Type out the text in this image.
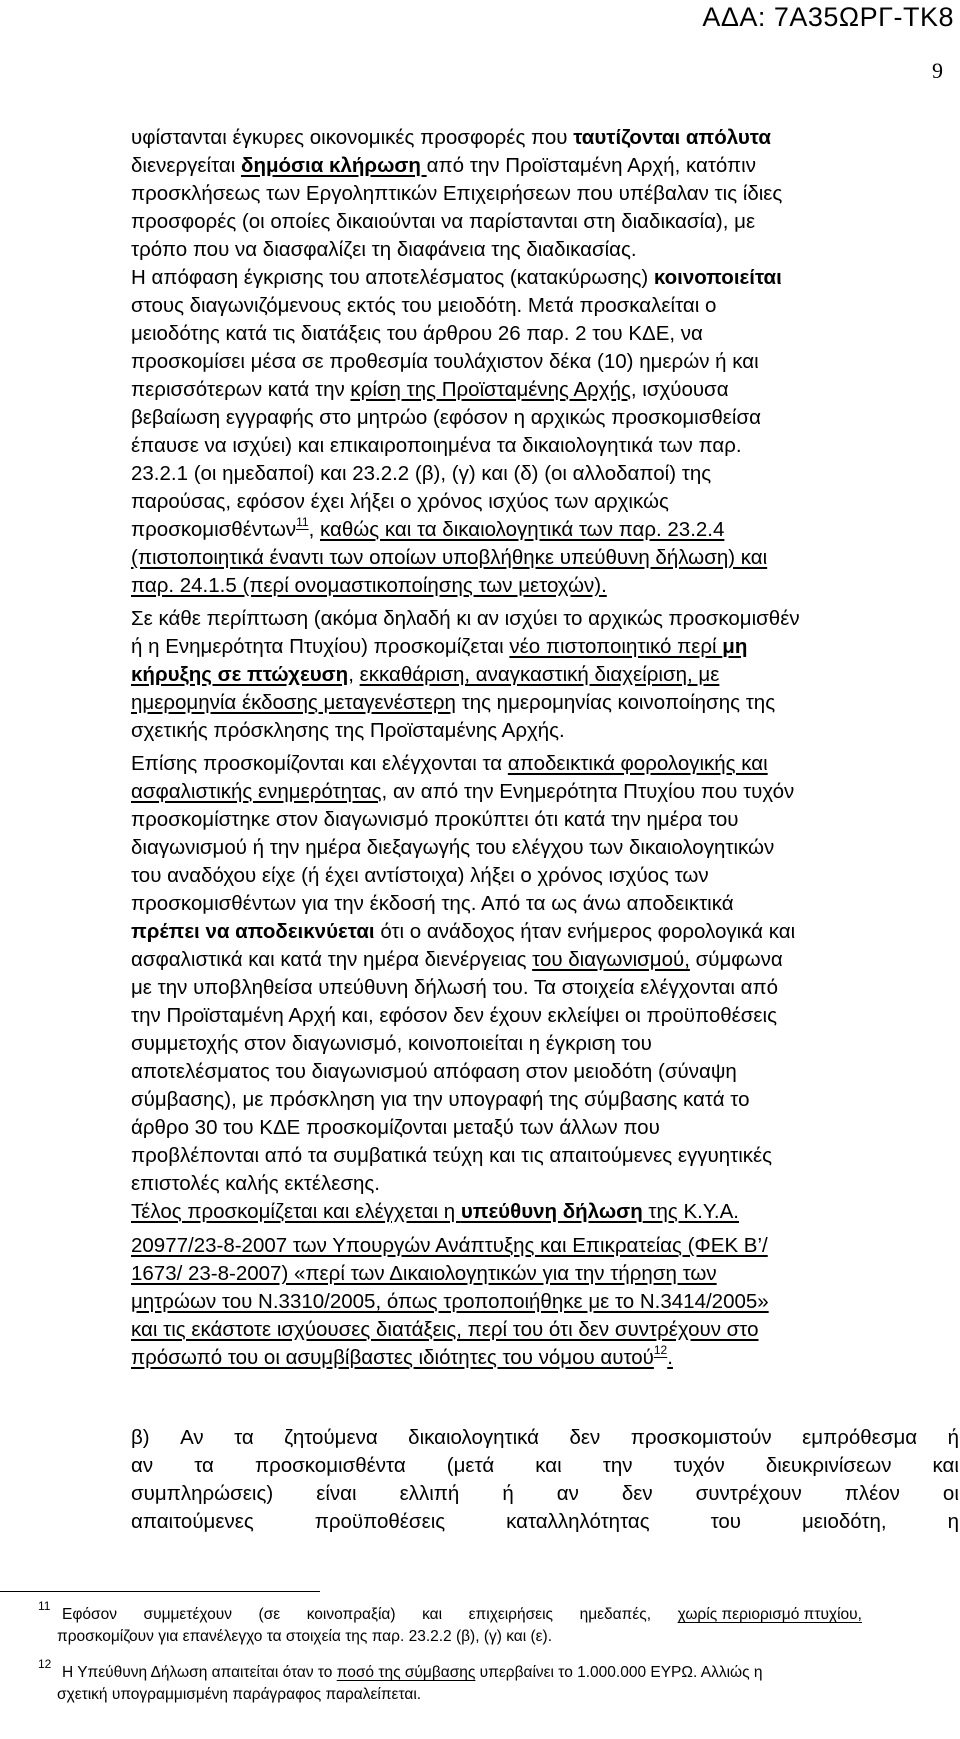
ΑΔΑ: 7Α35ΩΡΓ-ΤΚ8
9
υφίστανται έγκυρες οικονομικές προσφορές που ταυτίζονται απόλυτα
διενεργείται δημόσια κλήρωση από την Προϊσταμένη Αρχή, κατόπιν
προσκλήσεως των Εργοληπτικών Επιχειρήσεων που υπέβαλαν τις ίδιες
προσφορές (οι οποίες δικαιούνται να παρίστανται στη διαδικασία), με
τρόπο που να διασφαλίζει τη διαφάνεια της διαδικασίας.
Η απόφαση έγκρισης του αποτελέσματος (κατακύρωσης) κοινοποιείται
στους διαγωνιζόμενους εκτός του μειοδότη. Μετά προσκαλείται ο
μειοδότης κατά τις διατάξεις του άρθρου 26 παρ. 2 του ΚΔΕ, να
προσκομίσει μέσα σε προθεσμία τουλάχιστον δέκα (10) ημερών ή και
περισσότερων κατά την κρίση της Προϊσταμένης Αρχής, ισχύουσα
βεβαίωση εγγραφής στο μητρώο (εφόσον η αρχικώς προσκομισθείσα
έπαυσε να ισχύει) και επικαιροποιημένα τα δικαιολογητικά των παρ.
23.2.1 (οι ημεδαποί) και 23.2.2 (β), (γ) και (δ) (οι αλλοδαποί) της
παρούσας, εφόσον έχει λήξει ο χρόνος ισχύος των αρχικώς
προσκομισθέντων$^{11}$, καθώς και τα δικαιολογητικά των παρ. 23.2.4
(πιστοποιητικά έναντι των οποίων υποβλήθηκε υπεύθυνη δήλωση) και
παρ. 24.1.5 (περί ονομαστικοποίησης των μετοχών).
Σε κάθε περίπτωση (ακόμα δηλαδή κι αν ισχύει το αρχικώς προσκομισθέν
ή η Ενημερότητα Πτυχίου) προσκομίζεται νέο πιστοποιητικό περί μη
κήρυξης σε πτώχευση, εκκαθάριση, αναγκαστική διαχείριση, με
ημερομηνία έκδοσης μεταγενέστερη της ημερομηνίας κοινοποίησης της
σχετικής πρόσκλησης της Προϊσταμένης Αρχής.
Επίσης προσκομίζονται και ελέγχονται τα αποδεικτικά φορολογικής και
ασφαλιστικής ενημερότητας, αν από την Ενημερότητα Πτυχίου που τυχόν
προσκομίστηκε στον διαγωνισμό προκύπτει ότι κατά την ημέρα του
διαγωνισμού ή την ημέρα διεξαγωγής του ελέγχου των δικαιολογητικών
του αναδόχου είχε (ή έχει αντίστοιχα) λήξει ο χρόνος ισχύος των
προσκομισθέντων για την έκδοσή της. Από τα ως άνω αποδεικτικά
πρέπει να αποδεικνύεται ότι ο ανάδοχος ήταν ενήμερος φορολογικά και
ασφαλιστικά και κατά την ημέρα διενέργειας του διαγωνισμού, σύμφωνα
με την υποβληθείσα υπεύθυνη δήλωσή του. Τα στοιχεία ελέγχονται από
την Προϊσταμένη Αρχή και, εφόσον δεν έχουν εκλείψει οι προϋποθέσεις
συμμετοχής στον διαγωνισμό, κοινοποιείται η έγκριση του
αποτελέσματος του διαγωνισμού απόφαση στον μειοδότη (σύναψη
σύμβασης), με πρόσκληση για την υπογραφή της σύμβασης κατά το
άρθρο 30 του ΚΔΕ προσκομίζονται μεταξύ των άλλων που
προβλέπονται από τα συμβατικά τεύχη και τις απαιτούμενες εγγυητικές
επιστολές καλής εκτέλεσης.
Τέλος προσκομίζεται και ελέγχεται η υπεύθυνη δήλωση της Κ.Υ.Α.
20977/23-8-2007 των Υπουργών Ανάπτυξης και Επικρατείας (ΦΕΚ Β’/
1673/ 23-8-2007) «περί των Δικαιολογητικών για την τήρηση των
μητρώων του Ν.3310/2005, όπως τροποποιήθηκε με το Ν.3414/2005»
και τις εκάστοτε ισχύουσες διατάξεις, περί του ότι δεν συντρέχουν στο
πρόσωπό του οι ασυμβίβαστες ιδιότητες του νόμου αυτού$^{12}$.
β) Αν τα ζητούμενα δικαιολογητικά δεν προσκομιστούν εμπρόθεσμα ή
αν τα προσκομισθέντα (μετά και την τυχόν διευκρινίσεων και
συμπληρώσεις) είναι ελλιπή ή αν δεν συντρέχουν πλέον οι
απαιτούμενες	προϋποθέσεις	καταλληλότητας	του	μειοδότη,	η
11 Εφόσον συμμετέχουν (σε κοινοπραξία) και επιχειρήσεις ημεδαπές, χωρίς περιορισμό πτυχίου,
προσκομίζουν για επανέλεγχο τα στοιχεία της παρ. 23.2.2 (β), (γ) και (ε).
12 Η Υπεύθυνη Δήλωση απαιτείται όταν το ποσό της σύμβασης υπερβαίνει το 1.000.000 ΕΥΡΩ. Αλλιώς η
σχετική υπογραμμισμένη παράγραφος παραλείπεται.
